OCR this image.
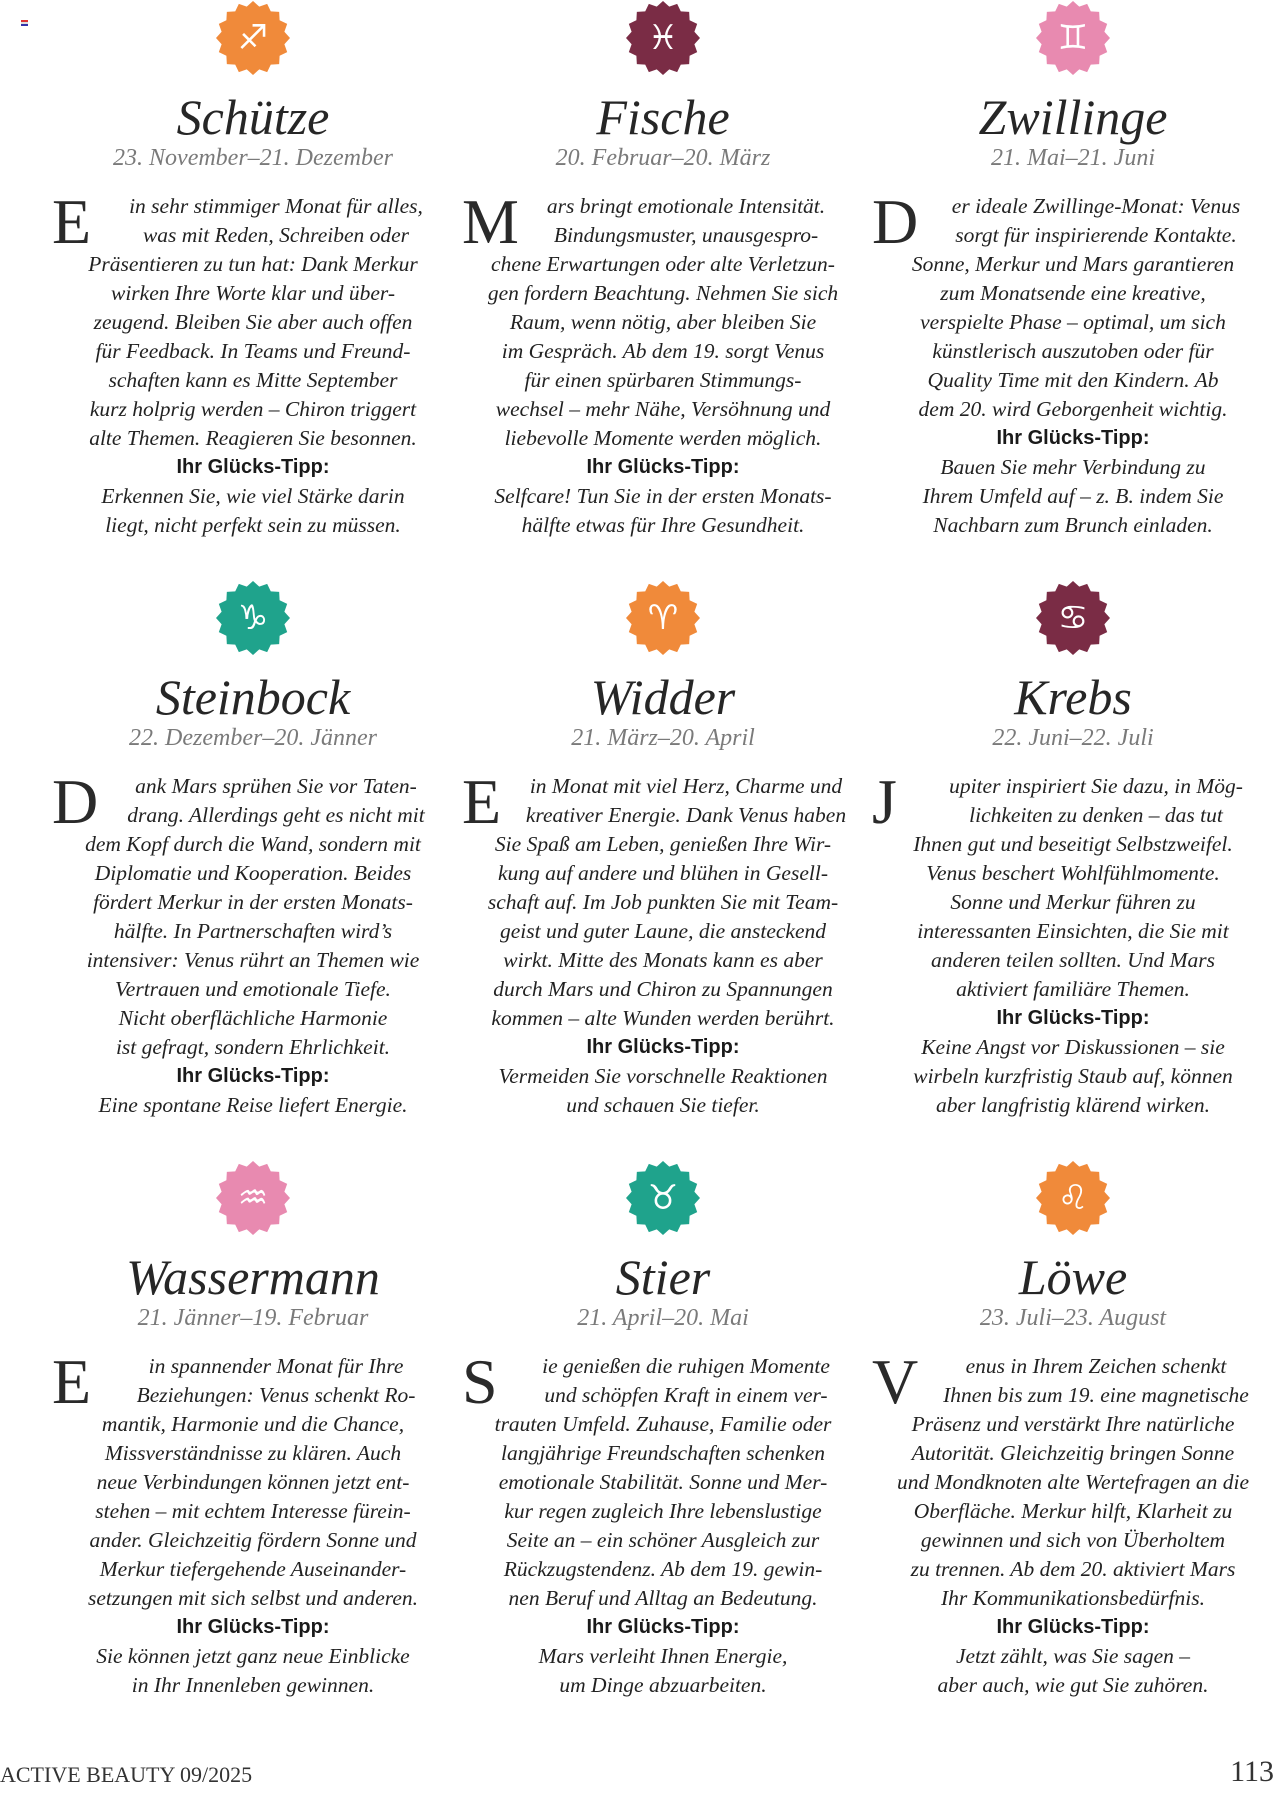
♐
Schütze
23. November–21. Dezember
E	in sehr stimmiger Monat für alles,
was mit Reden, Schreiben oder
Präsentieren zu tun hat: Dank Merkur
wirken Ihre Worte klar und über-
zeugend. Bleiben Sie aber auch offen
für Feedback. In Teams und Freund-
schaften kann es Mitte September
kurz holprig werden – Chiron triggert
alte Themen. Reagieren Sie besonnen.
Ihr Glücks-Tipp:
Erkennen Sie, wie viel Stärke darin
liegt, nicht perfekt sein zu müssen.
♓
Fische
20. Februar–20. März
M	ars bringt emotionale Intensität.
Bindungsmuster, unausgespro-
chene Erwartungen oder alte Verletzun-
gen fordern Beachtung. Nehmen Sie sich
Raum, wenn nötig, aber bleiben Sie
im Gespräch. Ab dem 19. sorgt Venus
für einen spürbaren Stimmungs-
wechsel – mehr Nähe, Versöhnung und
liebevolle Momente werden möglich.
Ihr Glücks-Tipp:
Selfcare! Tun Sie in der ersten Monats-
hälfte etwas für Ihre Gesundheit.
♊
Zwillinge
21. Mai–21. Juni
D	er ideale Zwillinge-Monat: Venus
sorgt für inspirierende Kontakte.
Sonne, Merkur und Mars garantieren
zum Monatsende eine kreative,
verspielte Phase – optimal, um sich
künstlerisch auszutoben oder für
Quality Time mit den Kindern. Ab
dem 20. wird Geborgenheit wichtig.
Ihr Glücks-Tipp:
Bauen Sie mehr Verbindung zu
Ihrem Umfeld auf – z. B. indem Sie
Nachbarn zum Brunch einladen.
♑
Steinbock
22. Dezember–20. Jänner
D	ank Mars sprühen Sie vor Taten-
drang. Allerdings geht es nicht mit
dem Kopf durch die Wand, sondern mit
Diplomatie und Kooperation. Beides
fördert Merkur in der ersten Monats-
hälfte. In Partnerschaften wird’s
intensiver: Venus rührt an Themen wie
Vertrauen und emotionale Tiefe.
Nicht oberflächliche Harmonie
ist gefragt, sondern Ehrlichkeit.
Ihr Glücks-Tipp:
Eine spontane Reise liefert Energie.
♈
Widder
21. März–20. April
E	in Monat mit viel Herz, Charme und
kreativer Energie. Dank Venus haben
Sie Spaß am Leben, genießen Ihre Wir-
kung auf andere und blühen in Gesell-
schaft auf. Im Job punkten Sie mit Team-
geist und guter Laune, die ansteckend
wirkt. Mitte des Monats kann es aber
durch Mars und Chiron zu Spannungen
kommen – alte Wunden werden berührt.
Ihr Glücks-Tipp:
Vermeiden Sie vorschnelle Reaktionen
und schauen Sie tiefer.
♋
Krebs
22. Juni–22. Juli
J	upiter inspiriert Sie dazu, in Mög-
lichkeiten zu denken – das tut
Ihnen gut und beseitigt Selbstzweifel.
Venus beschert Wohlfühlmomente.
Sonne und Merkur führen zu
interessanten Einsichten, die Sie mit
anderen teilen sollten. Und Mars
aktiviert familiäre Themen.
Ihr Glücks-Tipp:
Keine Angst vor Diskussionen – sie
wirbeln kurzfristig Staub auf, können
aber langfristig klärend wirken.
♒
Wassermann
21. Jänner–19. Februar
E	in spannender Monat für Ihre
Beziehungen: Venus schenkt Ro-
mantik, Harmonie und die Chance,
Missverständnisse zu klären. Auch
neue Verbindungen können jetzt ent-
stehen – mit echtem Interesse fürein-
ander. Gleichzeitig fördern Sonne und
Merkur tiefergehende Auseinander-
setzungen mit sich selbst und anderen.
Ihr Glücks-Tipp:
Sie können jetzt ganz neue Einblicke
in Ihr Innenleben gewinnen.
♉
Stier
21. April–20. Mai
S	ie genießen die ruhigen Momente
und schöpfen Kraft in einem ver-
trauten Umfeld. Zuhause, Familie oder
langjährige Freundschaften schenken
emotionale Stabilität. Sonne und Mer-
kur regen zugleich Ihre lebenslustige
Seite an – ein schöner Ausgleich zur
Rückzugstendenz. Ab dem 19. gewin-
nen Beruf und Alltag an Bedeutung.
Ihr Glücks-Tipp:
Mars verleiht Ihnen Energie,
um Dinge abzuarbeiten.
♌
Löwe
23. Juli–23. August
V	enus in Ihrem Zeichen schenkt
Ihnen bis zum 19. eine magnetische
Präsenz und verstärkt Ihre natürliche
Autorität. Gleichzeitig bringen Sonne
und Mondknoten alte Wertefragen an die
Oberfläche. Merkur hilft, Klarheit zu
gewinnen und sich von Überholtem
zu trennen. Ab dem 20. aktiviert Mars
Ihr Kommunikationsbedürfnis.
Ihr Glücks-Tipp:
Jetzt zählt, was Sie sagen –
aber auch, wie gut Sie zuhören.
ACTIVE BEAUTY 09/2025	113
